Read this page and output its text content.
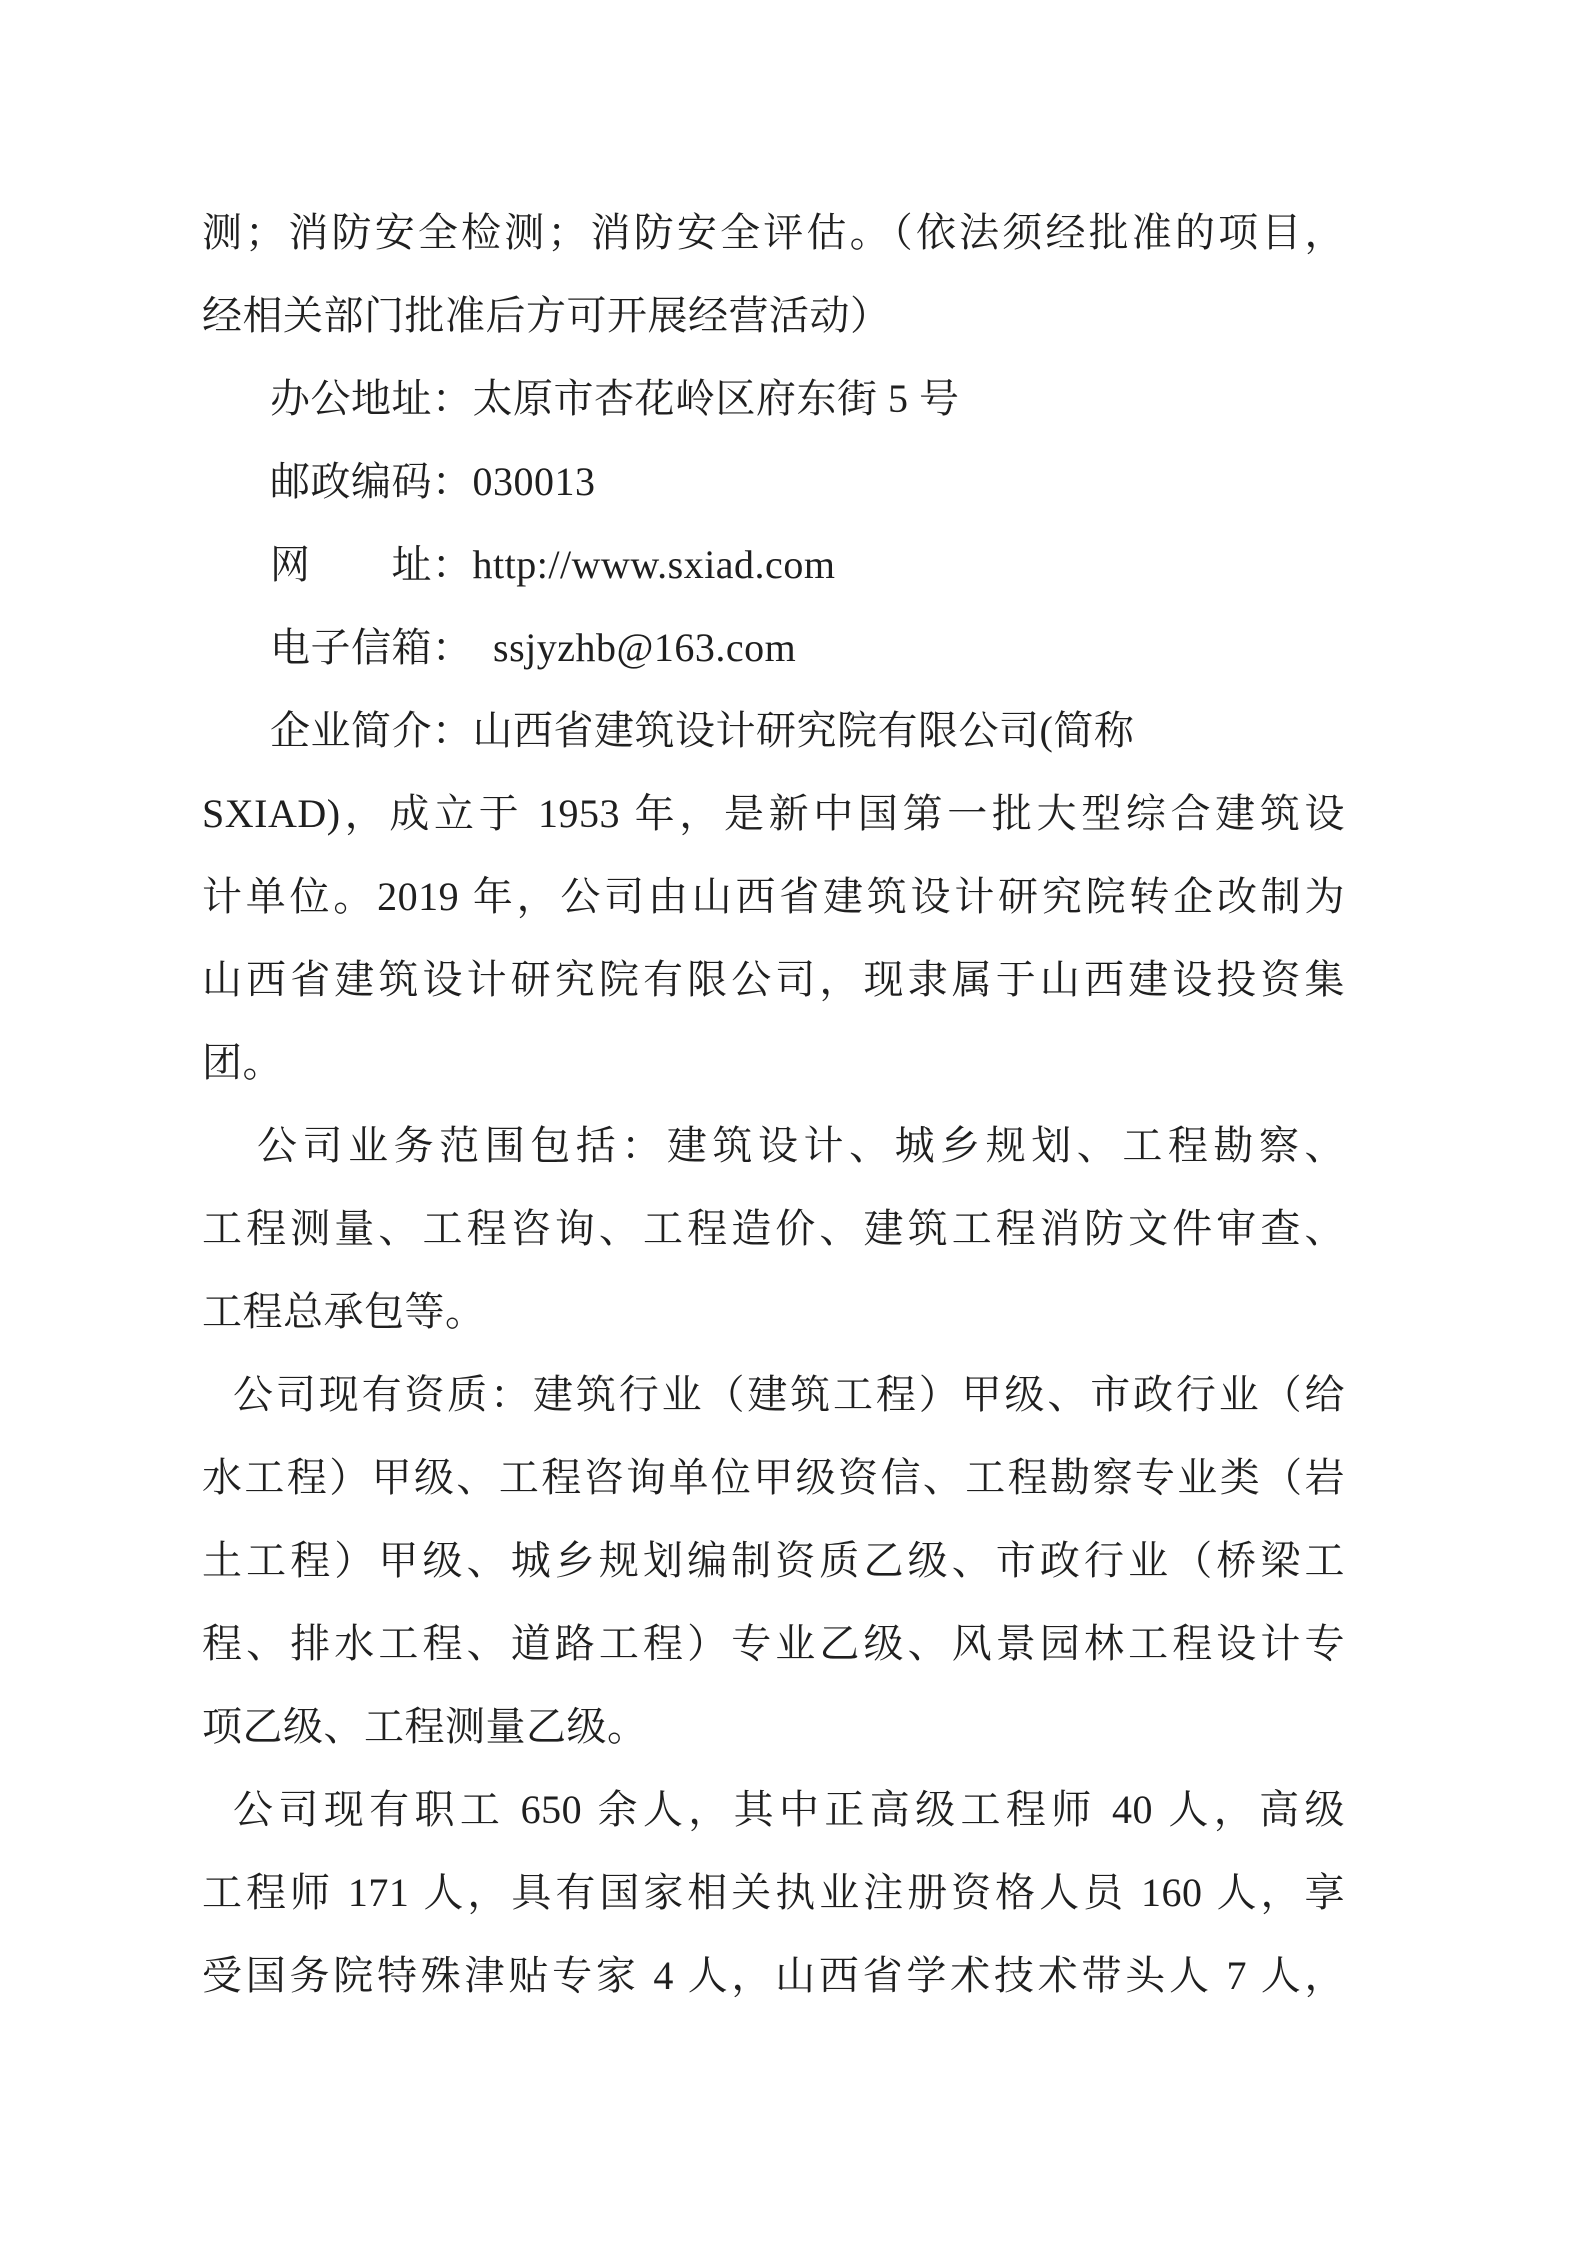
测；消防安全检测；消防安全评估。（依法须经批准的项目，
经相关部门批准后方可开展经营活动）
办公地址：太原市杏花岭区府东街 5 号
邮政编码：030013
网　　址：http://www.sxiad.com
电子信箱：　ssjyzhb@163.com
企业简介：山西省建筑设计研究院有限公司(简称
SXIAD)，成立于 1953 年，是新中国第一批大型综合建筑设
计单位。2019 年，公司由山西省建筑设计研究院转企改制为
山西省建筑设计研究院有限公司，现隶属于山西建设投资集
团。
公司业务范围包括：建筑设计、城乡规划、工程勘察、
工程测量、工程咨询、工程造价、建筑工程消防文件审查、
工程总承包等。
公司现有资质：建筑行业（建筑工程）甲级、市政行业（给
水工程）甲级、工程咨询单位甲级资信、工程勘察专业类（岩
土工程）甲级、城乡规划编制资质乙级、市政行业（桥梁工
程、排水工程、道路工程）专业乙级、风景园林工程设计专
项乙级、工程测量乙级。
公司现有职工 650 余人，其中正高级工程师 40 人，高级
工程师 171 人，具有国家相关执业注册资格人员 160 人，享
受国务院特殊津贴专家 4 人，山西省学术技术带头人 7 人，
